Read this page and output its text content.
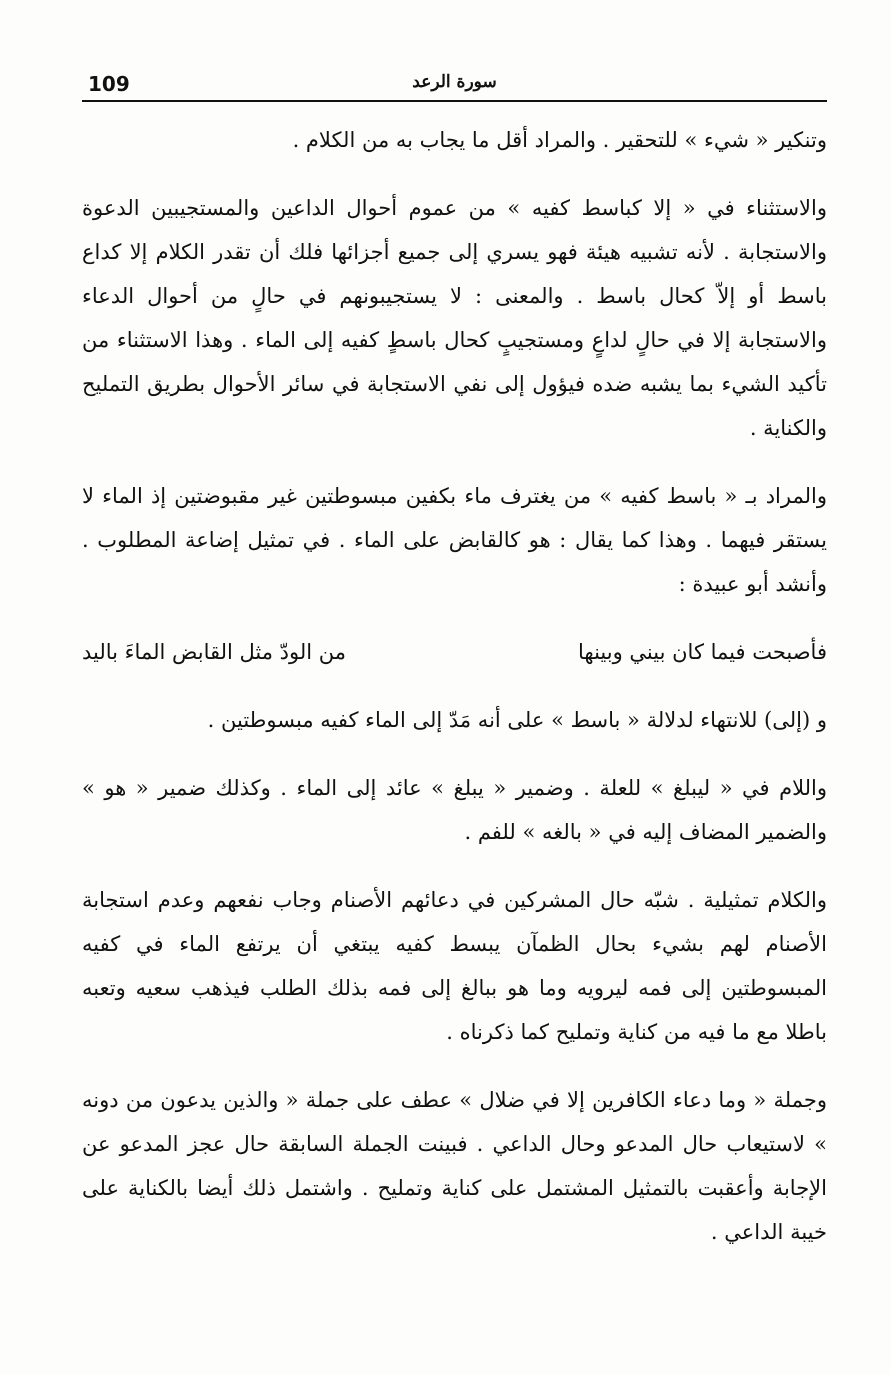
109	سورة الرعد

وتنكير « شيء » للتحقير . والمراد أقل ما يجاب به من الكلام .

والاستثناء في « إلا كباسط كفيه » من عموم أحوال الداعين والمستجيبين الدعوة والاستجابة . لأنه تشبيه هيئة فهو يسري إلى جميع أجزائها فلك أن تقدر الكلام إلا كداع باسط أو إلاّ كحال باسط . والمعنى : لا يستجيبونهم في حالٍ من أحوال الدعاء والاستجابة إلا في حالٍ لداعٍ ومستجيبٍ كحال باسطٍ كفيه إلى الماء . وهذا الاستثناء من تأكيد الشيء بما يشبه ضده فيؤول إلى نفي الاستجابة في سائر الأحوال بطريق التمليح والكناية .

والمراد بـ « باسط كفيه » من يغترف ماء بكفين مبسوطتين غير مقبوضتين إذ الماء لا يستقر فيهما . وهذا كما يقال : هو كالقابض على الماء . في تمثيل إضاعة المطلوب . وأنشد أبو عبيدة :

فأصبحت فيما كان بيني وبينها
من الودّ مثل القابض الماءَ باليد

و (إلى) للانتهاء لدلالة « باسط » على أنه مَدّ إلى الماء كفيه مبسوطتين .

واللام في « ليبلغ » للعلة . وضمير « يبلغ » عائد إلى الماء . وكذلك ضمير « هو » والضمير المضاف إليه في « بالغه » للفم .

والكلام تمثيلية . شبّه حال المشركين في دعائهم الأصنام وجاب نفعهم وعدم استجابة الأصنام لهم بشيء بحال الظمآن يبسط كفيه يبتغي أن يرتفع الماء في كفيه المبسوطتين إلى فمه ليرويه وما هو ببالغ إلى فمه بذلك الطلب فيذهب سعيه وتعبه باطلا مع ما فيه من كناية وتمليح كما ذكرناه .

وجملة « وما دعاء الكافرين إلا في ضلال » عطف على جملة « والذين يدعون من دونه » لاستيعاب حال المدعو وحال الداعي . فبينت الجملة السابقة حال عجز المدعو عن الإجابة وأعقبت بالتمثيل المشتمل على كناية وتمليح . واشتمل ذلك أيضا بالكناية على خيبة الداعي .
